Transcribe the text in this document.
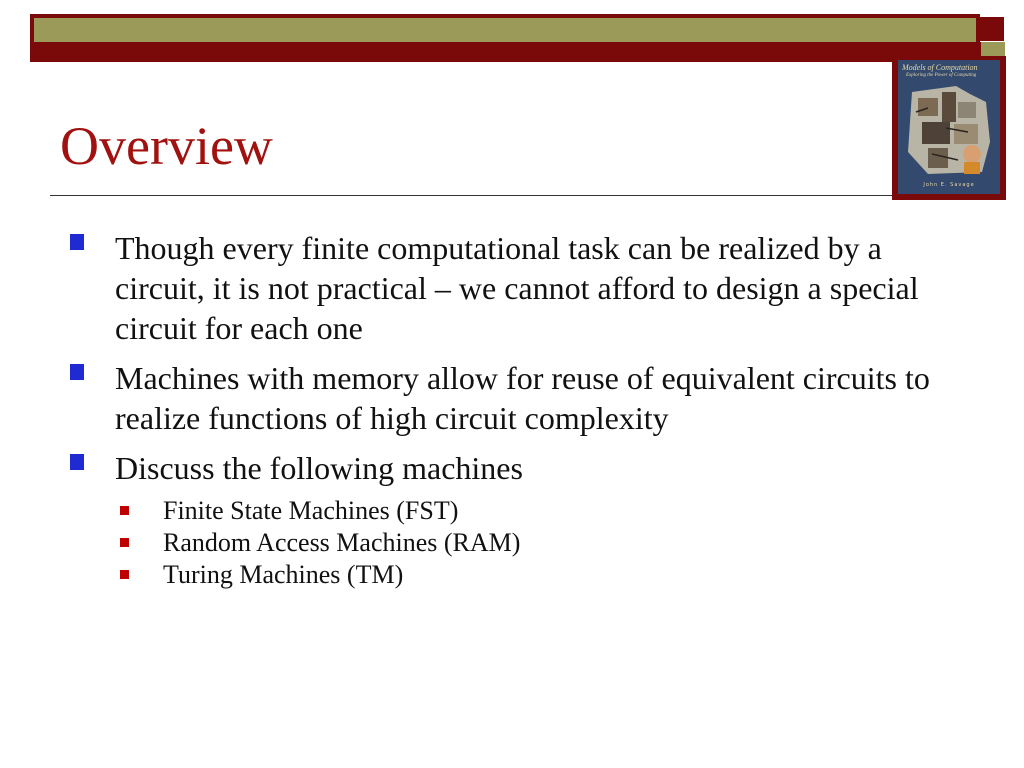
Models of Computation
Exploring the Power of Computing
John E. Savage
Overview
Though every finite computational task can be realized by a circuit, it is not practical – we cannot afford to design a special circuit for each one
Machines with memory allow for reuse of equivalent circuits to realize functions of high circuit complexity
Discuss the following machines
Finite State Machines (FST)
Random Access Machines (RAM)
Turing Machines (TM)
